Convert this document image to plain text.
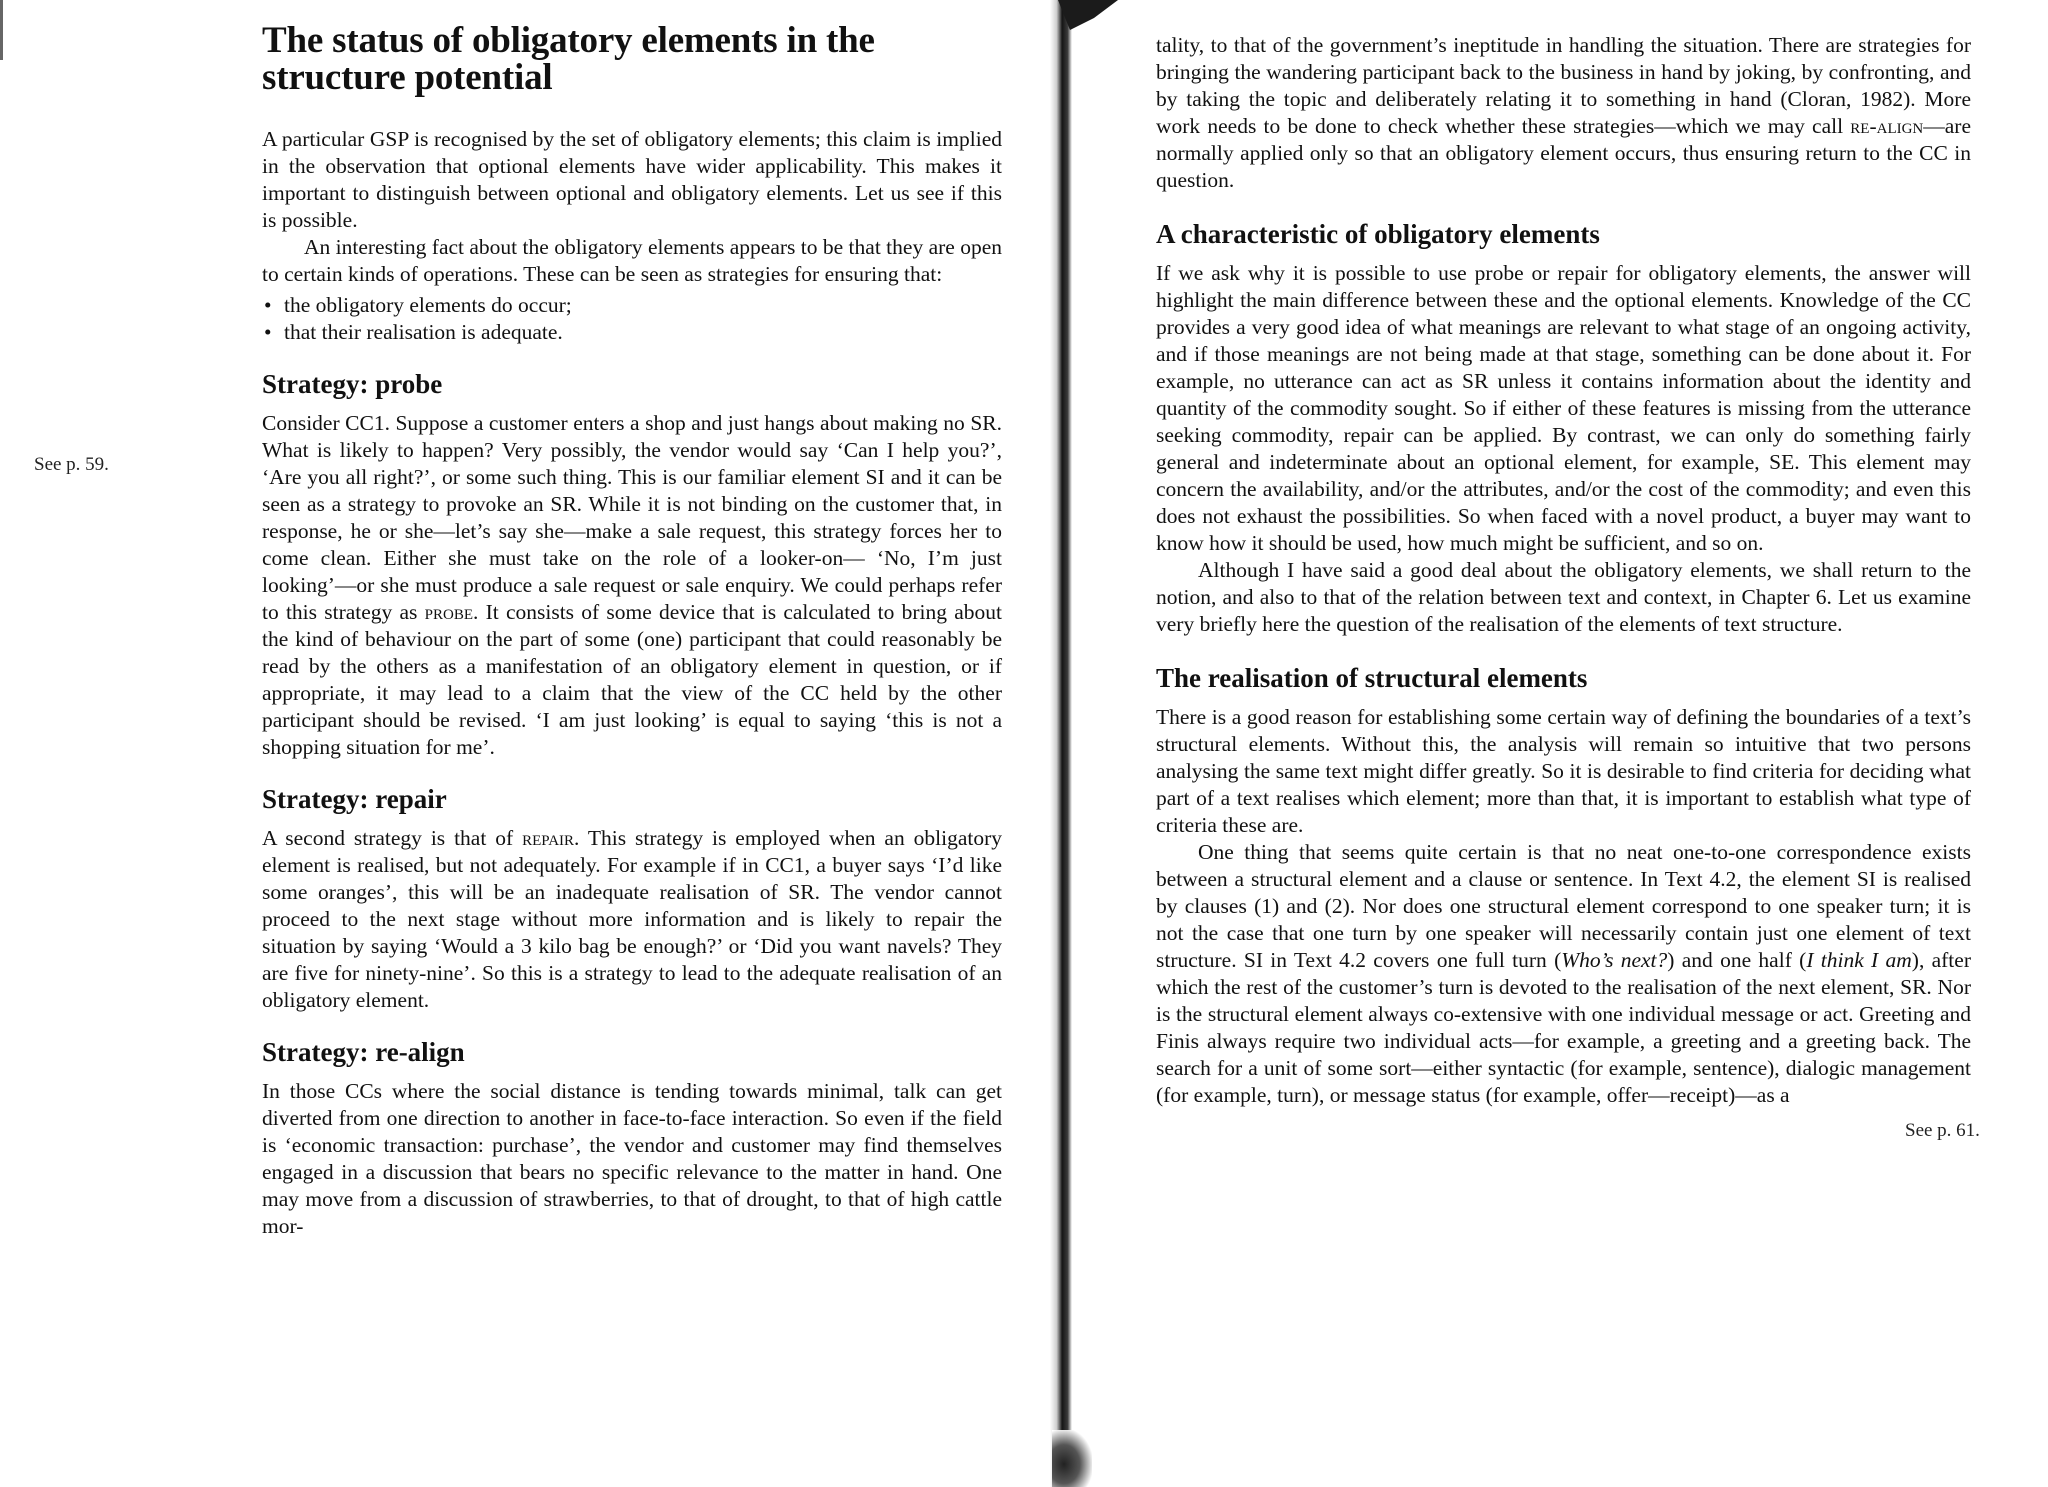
The status of obligatory elements in the structure potential

A particular GSP is recognised by the set of obligatory elements; this claim is implied in the observation that optional elements have wider applicability. This makes it important to distinguish between optional and obligatory elements. Let us see if this is possible.

An interesting fact about the obligatory elements appears to be that they are open to certain kinds of operations. These can be seen as strategies for ensuring that:

• the obligatory elements do occur;
• that their realisation is adequate.
Strategy: probe

Consider CC1. Suppose a customer enters a shop and just hangs about making no SR. What is likely to happen? Very possibly, the vendor would say ‘Can I help you?’, ‘Are you all right?’, or some such thing. This is our familiar element SI and it can be seen as a strategy to provoke an SR. While it is not binding on the customer that, in response, he or she—let’s say she—make a sale request, this strategy forces her to come clean. Either she must take on the role of a looker-on— ‘No, I’m just looking’—or she must produce a sale request or sale enquiry. We could perhaps refer to this strategy as probe. It consists of some device that is calculated to bring about the kind of behaviour on the part of some (one) participant that could reasonably be read by the others as a manifestation of an obligatory element in question, or if appropriate, it may lead to a claim that the view of the CC held by the other participant should be revised. ‘I am just looking’ is equal to saying ‘this is not a shopping situation for me’.

Strategy: repair

A second strategy is that of repair. This strategy is employed when an obligatory element is realised, but not adequately. For example if in CC1, a buyer says ‘I’d like some oranges’, this will be an inadequate realisation of SR. The vendor cannot proceed to the next stage without more information and is likely to repair the situation by saying ‘Would a 3 kilo bag be enough?’ or ‘Did you want navels? They are five for ninety-nine’. So this is a strategy to lead to the adequate realisation of an obligatory element.

Strategy: re-align

In those CCs where the social distance is tending towards minimal, talk can get diverted from one direction to another in face-to-face interaction. So even if the field is ‘economic transaction: purchase’, the vendor and customer may find themselves engaged in a discussion that bears no specific relevance to the matter in hand. One may move from a discussion of strawberries, to that of drought, to that of high cattle mor-

See p. 59.

tality, to that of the government’s ineptitude in handling the situation. There are strategies for bringing the wandering participant back to the business in hand by joking, by confronting, and by taking the topic and deliberately relating it to something in hand (Cloran, 1982). More work needs to be done to check whether these strategies—which we may call re-align—are normally applied only so that an obligatory element occurs, thus ensuring return to the CC in question.

A characteristic of obligatory elements

If we ask why it is possible to use probe or repair for obligatory elements, the answer will highlight the main difference between these and the optional elements. Knowledge of the CC provides a very good idea of what meanings are relevant to what stage of an ongoing activity, and if those meanings are not being made at that stage, something can be done about it. For example, no utterance can act as SR unless it contains information about the identity and quantity of the commodity sought. So if either of these features is missing from the utterance seeking commodity, repair can be applied. By contrast, we can only do something fairly general and indeterminate about an optional element, for example, SE. This element may concern the availability, and/or the attributes, and/or the cost of the commodity; and even this does not exhaust the possibilities. So when faced with a novel product, a buyer may want to know how it should be used, how much might be sufficient, and so on.

Although I have said a good deal about the obligatory elements, we shall return to the notion, and also to that of the relation between text and context, in Chapter 6. Let us examine very briefly here the question of the realisation of the elements of text structure.

The realisation of structural elements

There is a good reason for establishing some certain way of defining the boundaries of a text’s structural elements. Without this, the analysis will remain so intuitive that two persons analysing the same text might differ greatly. So it is desirable to find criteria for deciding what part of a text realises which element; more than that, it is important to establish what type of criteria these are.

One thing that seems quite certain is that no neat one-to-one correspondence exists between a structural element and a clause or sentence. In Text 4.2, the element SI is realised by clauses (1) and (2). Nor does one structural element correspond to one speaker turn; it is not the case that one turn by one speaker will necessarily contain just one element of text structure. SI in Text 4.2 covers one full turn (Who’s next?) and one half (I think I am), after which the rest of the customer’s turn is devoted to the realisation of the next element, SR. Nor is the structural element always co-extensive with one individual message or act. Greeting and Finis always require two individual acts—for example, a greeting and a greeting back. The search for a unit of some sort—either syntactic (for example, sentence), dialogic management (for example, turn), or message status (for example, offer—receipt)—as a

See p. 61.
